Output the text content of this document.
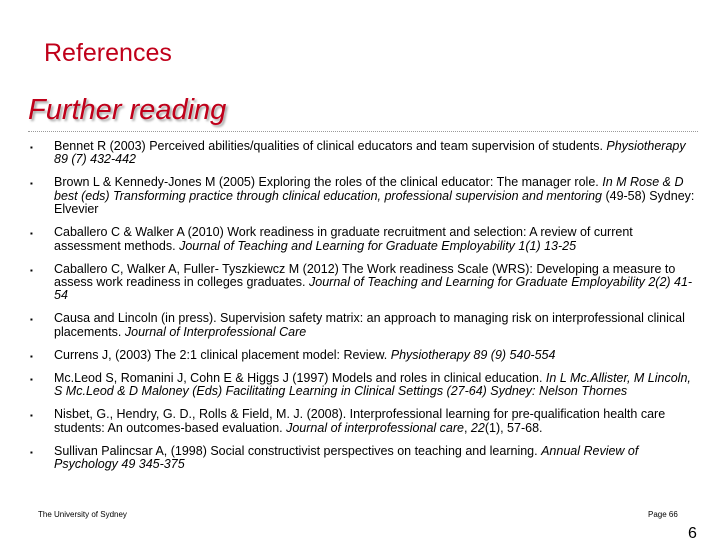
References
Further reading
▪ Bennet R (2003) Perceived abilities/qualities of clinical educators and team supervision of students. Physiotherapy 89 (7) 432-442
▪ Brown L & Kennedy-Jones M (2005) Exploring the roles of the clinical educator: The manager role. In M Rose & D best (eds) Transforming practice through clinical education, professional supervision and mentoring (49-58) Sydney: Elvevier
▪ Caballero C & Walker A (2010) Work readiness in graduate recruitment and selection: A review of current assessment methods. Journal of Teaching and Learning for Graduate Employability 1(1) 13-25
▪ Caballero C, Walker A, Fuller- Tyszkiewcz M (2012) The Work readiness Scale (WRS): Developing a measure to assess work readiness in colleges graduates. Journal of Teaching and Learning for Graduate Employability 2(2) 41-54
▪ Causa and Lincoln (in press). Supervision safety matrix: an approach to managing risk on interprofessional clinical placements. Journal of Interprofessional Care
▪ Currens J, (2003) The 2:1 clinical placement model: Review. Physiotherapy 89 (9) 540-554
▪ Mc.Leod S, Romanini J, Cohn E & Higgs J (1997) Models and roles in clinical education. In L Mc.Allister, M Lincoln, S Mc.Leod & D Maloney (Eds) Facilitating Learning in Clinical Settings (27-64) Sydney: Nelson Thornes
▪ Nisbet, G., Hendry, G. D., Rolls & Field, M. J. (2008). Interprofessional learning for pre-qualification health care students: An outcomes-based evaluation. Journal of interprofessional care, 22(1), 57-68.
▪ Sullivan Palincsar A, (1998) Social constructivist perspectives on teaching and learning. Annual Review of Psychology 49 345-375
The University of Sydney	Page 66
6
